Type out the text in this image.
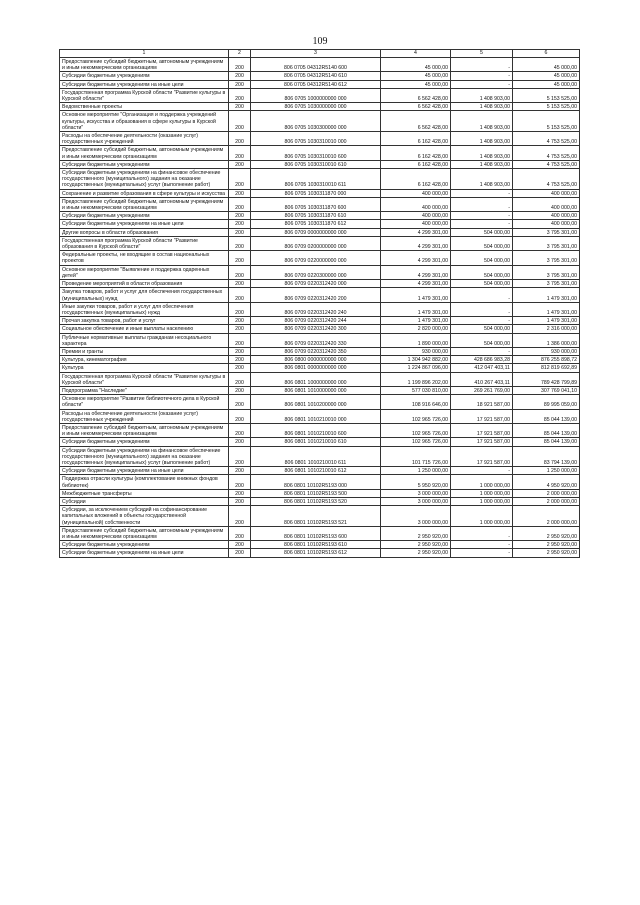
109
1	2	3	4	5	6
Предоставление субсидий бюджетным, автономным учреждениям и иным некоммерческим организациям	200	806 0705 04312R5140 600	45 000,00	-	45 000,00
Субсидии бюджетным учреждениям	200	806 0705 04312R5140 610	45 000,00	-	45 000,00
Субсидии бюджетным учреждениям на иные цели	200	806 0705 04312R5140 612	45 000,00	-	45 000,00
Государственная программа Курской области "Развитие культуры в Курской области"	200	806 0705 1000000000 000	6 562 428,00	1 408 903,00	5 153 525,00
Ведомственные проекты	200	806 0705 1030000000 000	6 562 428,00	1 408 903,00	5 153 525,00
Основное мероприятие "Организация и поддержка учреждений культуры, искусства и образования в сфере культуры в Курской области"	200	806 0705 1030300000 000	6 562 428,00	1 408 903,00	5 153 525,00
Расходы на обеспечение деятельности (оказание услуг) государственных учреждений	200	806 0705 1030310010 000	6 162 428,00	1 408 903,00	4 753 525,00
Предоставление субсидий бюджетным, автономным учреждениям и иным некоммерческим организациям	200	806 0705 1030310010 600	6 162 428,00	1 408 903,00	4 753 525,00
Субсидии бюджетным учреждениям	200	806 0705 1030310010 610	6 162 428,00	1 408 903,00	4 753 525,00
Субсидии бюджетным учреждениям на финансовое обеспечение государственного (муниципального) задания на оказание государственных (муниципальных) услуг (выполнение работ)	200	806 0705 1030310010 611	6 162 428,00	1 408 903,00	4 753 525,00
Сохранение и развитие образования в сфере культуры и искусства	200	806 0705 1030311870 000	400 000,00	-	400 000,00
Предоставление субсидий бюджетным, автономным учреждениям и иным некоммерческим организациям	200	806 0705 1030311870 600	400 000,00	-	400 000,00
Субсидии бюджетным учреждениям	200	806 0705 1030311870 610	400 000,00	-	400 000,00
Субсидии бюджетным учреждениям на иные цели	200	806 0705 1030311870 612	400 000,00	-	400 000,00
Другие вопросы в области образования	200	806 0709 0000000000 000	4 299 301,00	504 000,00	3 795 301,00
Государственная программа Курской области "Развитие образования в Курской области"	200	806 0709 0200000000 000	4 299 301,00	504 000,00	3 795 301,00
Федеральные проекты, не входящие в состав национальных проектов	200	806 0709 0220000000 000	4 299 301,00	504 000,00	3 795 301,00
Основное мероприятие "Выявление и поддержка одаренных детей"	200	806 0709 0220300000 000	4 299 301,00	504 000,00	3 795 301,00
Проведение мероприятий в области образования	200	806 0709 0220312420 000	4 299 301,00	504 000,00	3 795 301,00
Закупка товаров, работ и услуг для обеспечения государственных (муниципальных) нужд	200	806 0709 0220312420 200	1 479 301,00	-	1 479 301,00
Иные закупки товаров, работ и услуг для обеспечения государственных (муниципальных) нужд	200	806 0709 0220312420 240	1 479 301,00	-	1 479 301,00
Прочая закупка товаров, работ и услуг	200	806 0709 0220312420 244	1 479 301,00	-	1 479 301,00
Социальное обеспечение и иные выплаты населению	200	806 0709 0220312420 300	2 820 000,00	504 000,00	2 316 000,00
Публичные нормативные выплаты гражданам несоциального характера	200	806 0709 0220312420 330	1 890 000,00	504 000,00	1 386 000,00
Премии и гранты	200	806 0709 0220312420 350	930 000,00	-	930 000,00
Культура, кинематография	200	806 0800 0000000000 000	1 304 942 882,00	428 686 983,28	876 255 898,72
Культура	200	806 0801 0000000000 000	1 224 867 096,00	412 047 403,11	812 819 692,89
Государственная программа Курской области "Развитие культуры в Курской области"	200	806 0801 1000000000 000	1 199 896 202,00	410 267 403,11	789 428 799,89
Подпрограмма "Наследие"	200	806 0801 1010000000 000	577 030 810,00	269 261 769,00	307 769 041,10
Основное мероприятие "Развитие библиотечного дела в Курской области"	200	806 0801 1010200000 000	108 916 646,00	18 921 587,00	89 995 059,00
Расходы на обеспечение деятельности (оказание услуг) государственных учреждений	200	806 0801 1010210010 000	102 965 726,00	17 921 587,00	85 044 139,00
Предоставление субсидий бюджетным, автономным учреждениям и иным некоммерческим организациям	200	806 0801 1010210010 600	102 965 726,00	17 921 587,00	85 044 139,00
Субсидии бюджетным учреждениям	200	806 0801 1010210010 610	102 965 726,00	17 921 587,00	85 044 139,00
Субсидии бюджетным учреждениям на финансовое обеспечение государственного (муниципального) задания на оказание государственных (муниципальных) услуг (выполнение работ)	200	806 0801 1010210010 611	101 715 726,00	17 921 587,00	83 794 139,00
Субсидии бюджетным учреждениям на иные цели	200	806 0801 1010210010 612	1 250 000,00	-	1 250 000,00
Поддержка отрасли культуры (комплектование книжных фондов библиотек)	200	806 0801 10102R5193 000	5 950 920,00	1 000 000,00	4 950 920,00
Межбюджетные трансферты	200	806 0801 10102R5193 500	3 000 000,00	1 000 000,00	2 000 000,00
Субсидии	200	806 0801 10102R5193 520	3 000 000,00	1 000 000,00	2 000 000,00
Субсидии, за исключением субсидий на софинансирование капитальных вложений в объекты государственной (муниципальной) собственности	200	806 0801 10102R5193 521	3 000 000,00	1 000 000,00	2 000 000,00
Предоставление субсидий бюджетным, автономным учреждениям и иным некоммерческим организациям	200	806 0801 10102R5193 600	2 950 920,00	-	2 950 920,00
Субсидии бюджетным учреждениям	200	806 0801 10102R5193 610	2 950 920,00	-	2 950 920,00
Субсидии бюджетным учреждениям на иные цели	200	806 0801 10102R5193 612	2 950 920,00	-	2 950 920,00
